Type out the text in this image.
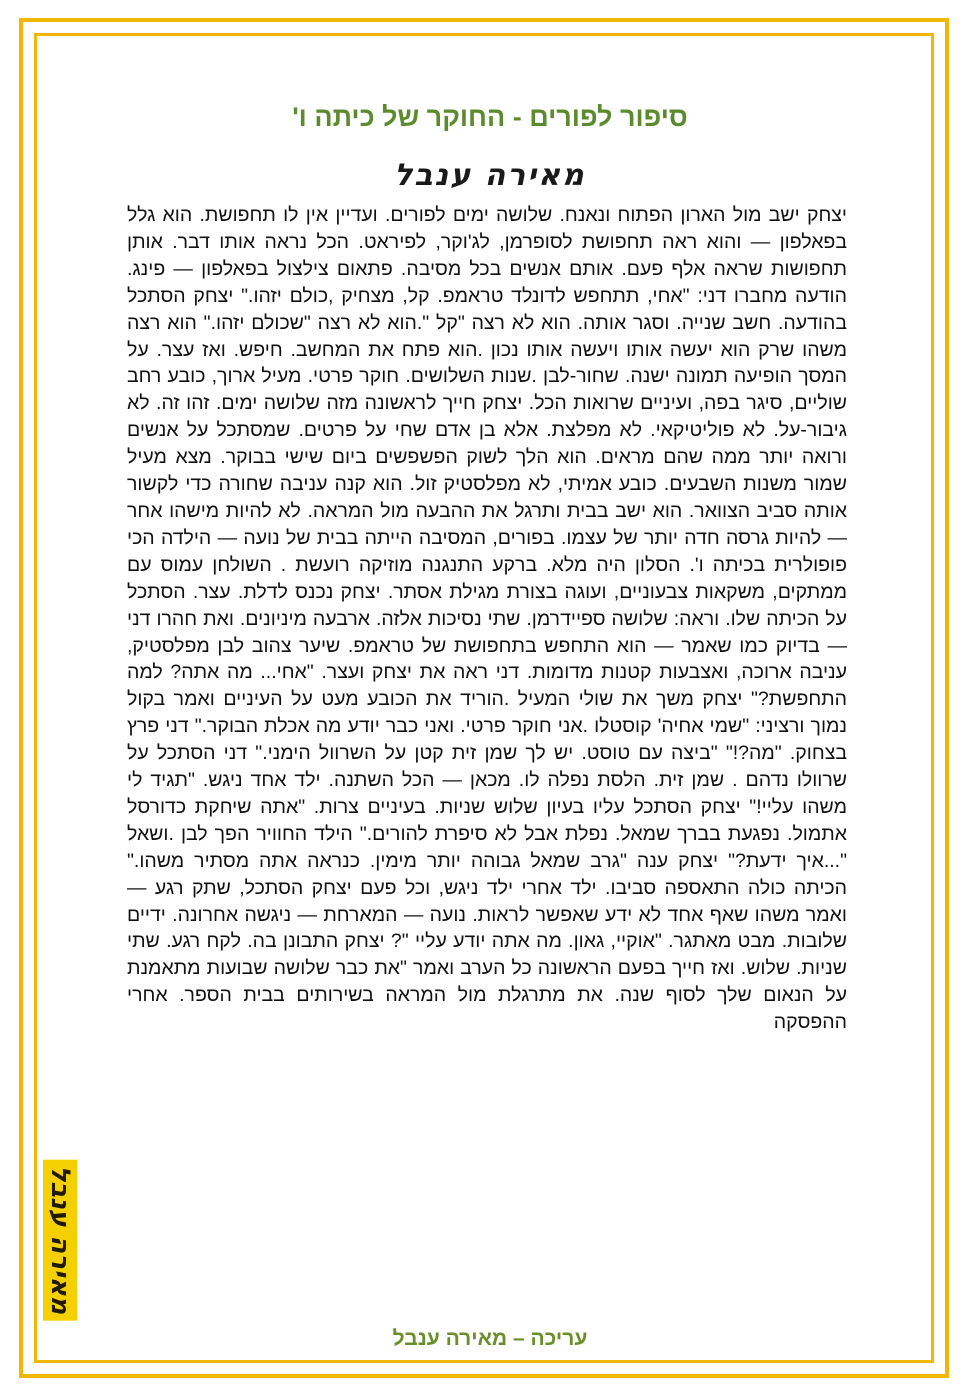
סיפור לפורים - החוקר של כיתה ו'
מאירה ענבל
יצחק ישב מול הארון הפתוח ונאנח. שלושה ימים לפורים. ועדיין אין לו תחפושת. הוא גלל בפאלפון — והוא ראה תחפושת לסופרמן, לג'וקר, לפיראט. הכל נראה אותו דבר. אותן תחפושות שראה אלף פעם. אותם אנשים בכל מסיבה. פתאום צילצול בפאלפון — פינג. הודעה מחברו דני: "אחי, תתחפש לדונלד טראמפ. קל, מצחיק ,כולם יזהו." יצחק הסתכל בהודעה. חשב שנייה. וסגר אותה. הוא לא רצה "קל ".הוא לא רצה "שכולם יזהו." הוא רצה משהו שרק הוא יעשה אותו ויעשה אותו נכון .הוא פתח את המחשב. חיפש. ואז עצר. על המסך הופיעה תמונה ישנה. שחור-לבן .שנות השלושים. חוקר פרטי. מעיל ארוך, כובע רחב שוליים, סיגר בפה, ועיניים שרואות הכל. יצחק חייך לראשונה מזה שלושה ימים. זהו זה. לא גיבור-על. לא פוליטיקאי. לא מפלצת. אלא בן אדם שחי על פרטים. שמסתכל על אנשים ורואה יותר ממה שהם מראים. הוא הלך לשוק הפשפשים ביום שישי בבוקר. מצא מעיל שמור משנות השבעים. כובע אמיתי, לא מפלסטיק זול. הוא קנה עניבה שחורה כדי לקשור אותה סביב הצוואר. הוא ישב בבית ותרגל את ההבעה מול המראה. לא להיות מישהו אחר — להיות גרסה חדה יותר של עצמו. בפורים, המסיבה הייתה בבית של נועה — הילדה הכי פופולרית בכיתה ו'. הסלון היה מלא. ברקע התנגנה מוזיקה רועשת . השולחן עמוס עם ממתקים, משקאות צבעוניים, ועוגה בצורת מגילת אסתר. יצחק נכנס לדלת. עצר. הסתכל על הכיתה שלו. וראה: שלושה ספיידרמן. שתי נסיכות אלזה. ארבעה מיניונים. ואת חהרו דני — בדיוק כמו שאמר — הוא התחפש בתחפושת של טראמפ. שיער צהוב לבן מפלסטיק, עניבה ארוכה, ואצבעות קטנות מדומות. דני ראה את יצחק ועצר. "אחי... מה אתה? למה התחפשת?" יצחק משך את שולי המעיל .הוריד את הכובע מעט על העיניים ואמר בקול נמוך ורציני: "שמי אחיה' קוסטלו .אני חוקר פרטי. ואני כבר יודע מה אכלת הבוקר." דני פרץ בצחוק. "מה?!" "ביצה עם טוסט. יש לך שמן זית קטן על השרוול הימני." דני הסתכל על שרוולו נדהם . שמן זית. הלסת נפלה לו. מכאן — הכל השתנה. ילד אחד ניגש. "תגיד לי משהו עליי!" יצחק הסתכל עליו בעיון שלוש שניות. בעיניים צרות. "אתה שיחקת כדורסל אתמול. נפגעת בברך שמאל. נפלת אבל לא סיפרת להורים." הילד החוויר הפך לבן .ושאל "...איך ידעת?" יצחק ענה "גרב שמאל גבוהה יותר מימין. כנראה אתה מסתיר משהו." הכיתה כולה התאספה סביבו. ילד אחרי ילד ניגש, וכל פעם יצחק הסתכל, שתק רגע — ואמר משהו שאף אחד לא ידע שאפשר לראות. נועה — המארחת — ניגשה אחרונה. ידיים שלובות. מבט מאתגר. "אוקיי, גאון. מה אתה יודע עליי "? יצחק התבונן בה. לקח רגע. שתי שניות. שלוש. ואז חייך בפעם הראשונה כל הערב ואמר "את כבר שלושה שבועות מתאמנת על הנאום שלך לסוף שנה. את מתרגלת מול המראה בשירותים בבית הספר. אחרי ההפסקה
עריכה – מאירה ענבל
מאירה ענבל
